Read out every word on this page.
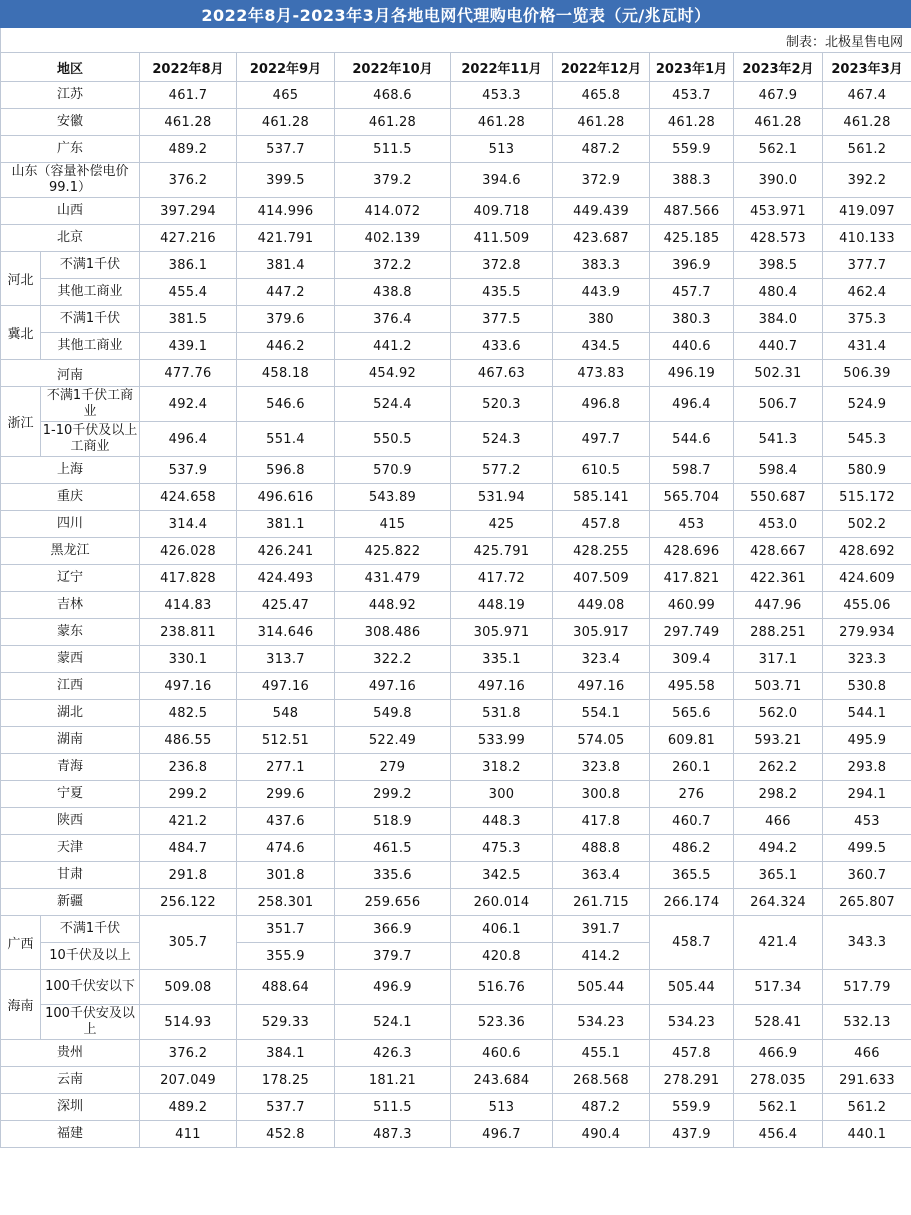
2022年8月-2023年3月各地电网代理购电价格一览表（元/兆瓦时）									
制表：北极星售电网									
地区		2022年8月	2022年9月	2022年10月	2022年11月	2022年12月	2023年1月	2023年2月	2023年3月
江苏		461.7	465	468.6	453.3	465.8	453.7	467.9	467.4
安徽		461.28	461.28	461.28	461.28	461.28	461.28	461.28	461.28
广东		489.2	537.7	511.5	513	487.2	559.9	562.1	561.2
山东（容量补偿电价99.1）		376.2	399.5	379.2	394.6	372.9	388.3	390.0	392.2
山西		397.294	414.996	414.072	409.718	449.439	487.566	453.971	419.097
北京		427.216	421.791	402.139	411.509	423.687	425.185	428.573	410.133
河北	不满1千伏	386.1	381.4	372.2	372.8	383.3	396.9	398.5	377.7
	其他工商业	455.4	447.2	438.8	435.5	443.9	457.7	480.4	462.4
冀北	不满1千伏	381.5	379.6	376.4	377.5	380	380.3	384.0	375.3
	其他工商业	439.1	446.2	441.2	433.6	434.5	440.6	440.7	431.4
河南		477.76	458.18	454.92	467.63	473.83	496.19	502.31	506.39
浙江	不满1千伏工商业	492.4	546.6	524.4	520.3	496.8	496.4	506.7	524.9
	1-10千伏及以上工商业	496.4	551.4	550.5	524.3	497.7	544.6	541.3	545.3
上海		537.9	596.8	570.9	577.2	610.5	598.7	598.4	580.9
重庆		424.658	496.616	543.89	531.94	585.141	565.704	550.687	515.172
四川		314.4	381.1	415	425	457.8	453	453.0	502.2
黑龙江		426.028	426.241	425.822	425.791	428.255	428.696	428.667	428.692
辽宁		417.828	424.493	431.479	417.72	407.509	417.821	422.361	424.609
吉林		414.83	425.47	448.92	448.19	449.08	460.99	447.96	455.06
蒙东		238.811	314.646	308.486	305.971	305.917	297.749	288.251	279.934
蒙西		330.1	313.7	322.2	335.1	323.4	309.4	317.1	323.3
江西		497.16	497.16	497.16	497.16	497.16	495.58	503.71	530.8
湖北		482.5	548	549.8	531.8	554.1	565.6	562.0	544.1
湖南		486.55	512.51	522.49	533.99	574.05	609.81	593.21	495.9
青海		236.8	277.1	279	318.2	323.8	260.1	262.2	293.8
宁夏		299.2	299.6	299.2	300	300.8	276	298.2	294.1
陕西		421.2	437.6	518.9	448.3	417.8	460.7	466	453
天津		484.7	474.6	461.5	475.3	488.8	486.2	494.2	499.5
甘肃		291.8	301.8	335.6	342.5	363.4	365.5	365.1	360.7
新疆		256.122	258.301	259.656	260.014	261.715	266.174	264.324	265.807
广西	不满1千伏	305.7	351.7	366.9	406.1	391.7	458.7	421.4	343.3
	10千伏及以上		355.9	379.7	420.8	414.2			
海南	100千伏安以下	509.08	488.64	496.9	516.76	505.44	505.44	517.34	517.79
	100千伏安及以上	514.93	529.33	524.1	523.36	534.23	534.23	528.41	532.13
贵州		376.2	384.1	426.3	460.6	455.1	457.8	466.9	466
云南		207.049	178.25	181.21	243.684	268.568	278.291	278.035	291.633
深圳		489.2	537.7	511.5	513	487.2	559.9	562.1	561.2
福建		411	452.8	487.3	496.7	490.4	437.9	456.4	440.1
